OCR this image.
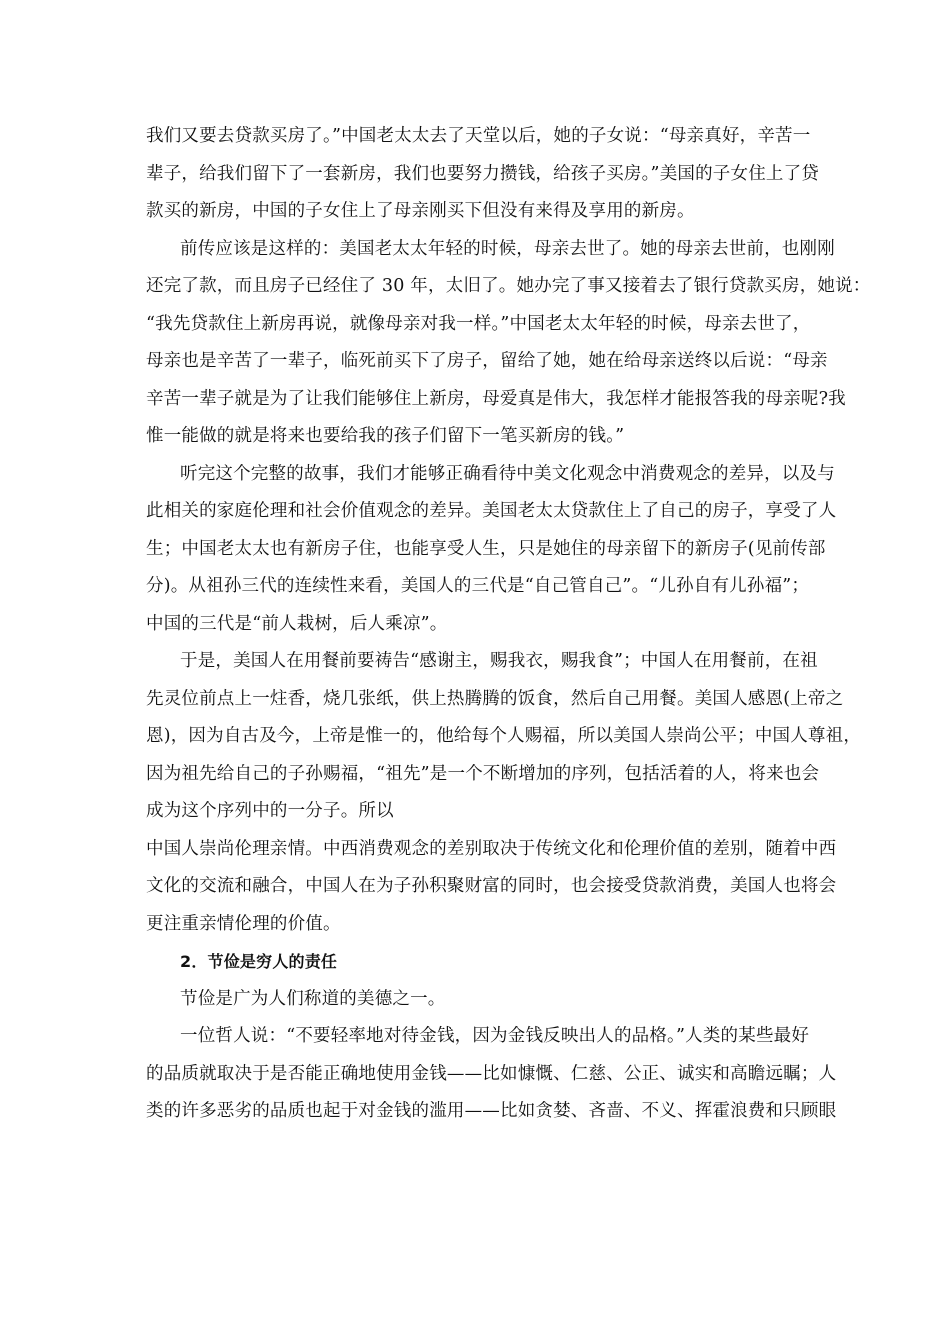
我们又要去贷款买房了。”中国老太太去了天堂以后，她的子女说：“母亲真好，辛苦一
辈子，给我们留下了一套新房，我们也要努力攒钱，给孩子买房。”美国的子女住上了贷
款买的新房，中国的子女住上了母亲刚买下但没有来得及享用的新房。
前传应该是这样的：美国老太太年轻的时候，母亲去世了。她的母亲去世前，也刚刚
还完了款，而且房子已经住了 30 年，太旧了。她办完了事又接着去了银行贷款买房，她说：
“我先贷款住上新房再说，就像母亲对我一样。”中国老太太年轻的时候，母亲去世了，
母亲也是辛苦了一辈子，临死前买下了房子，留给了她，她在给母亲送终以后说：“母亲
辛苦一辈子就是为了让我们能够住上新房，母爱真是伟大，我怎样才能报答我的母亲呢?我
惟一能做的就是将来也要给我的孩子们留下一笔买新房的钱。”
听完这个完整的故事，我们才能够正确看待中美文化观念中消费观念的差异，以及与
此相关的家庭伦理和社会价值观念的差异。美国老太太贷款住上了自己的房子，享受了人
生；中国老太太也有新房子住，也能享受人生，只是她住的母亲留下的新房子(见前传部
分)。从祖孙三代的连续性来看，美国人的三代是“自己管自己”。“儿孙自有儿孙福”；
中国的三代是“前人栽树，后人乘凉”。
于是，美国人在用餐前要祷告“感谢主，赐我衣，赐我食”；中国人在用餐前，在祖
先灵位前点上一炷香，烧几张纸，供上热腾腾的饭食，然后自己用餐。美国人感恩(上帝之
恩)，因为自古及今，上帝是惟一的，他给每个人赐福，所以美国人崇尚公平；中国人尊祖，
因为祖先给自己的子孙赐福，“祖先”是一个不断增加的序列，包括活着的人，将来也会
成为这个序列中的一分子。所以
中国人崇尚伦理亲情。中西消费观念的差别取决于传统文化和伦理价值的差别，随着中西
文化的交流和融合，中国人在为子孙积聚财富的同时，也会接受贷款消费，美国人也将会
更注重亲情伦理的价值。
2．节俭是穷人的责任
节俭是广为人们称道的美德之一。
一位哲人说：“不要轻率地对待金钱，因为金钱反映出人的品格。”人类的某些最好
的品质就取决于是否能正确地使用金钱——比如慷慨、仁慈、公正、诚实和高瞻远瞩；人
类的许多恶劣的品质也起于对金钱的滥用——比如贪婪、吝啬、不义、挥霍浪费和只顾眼
